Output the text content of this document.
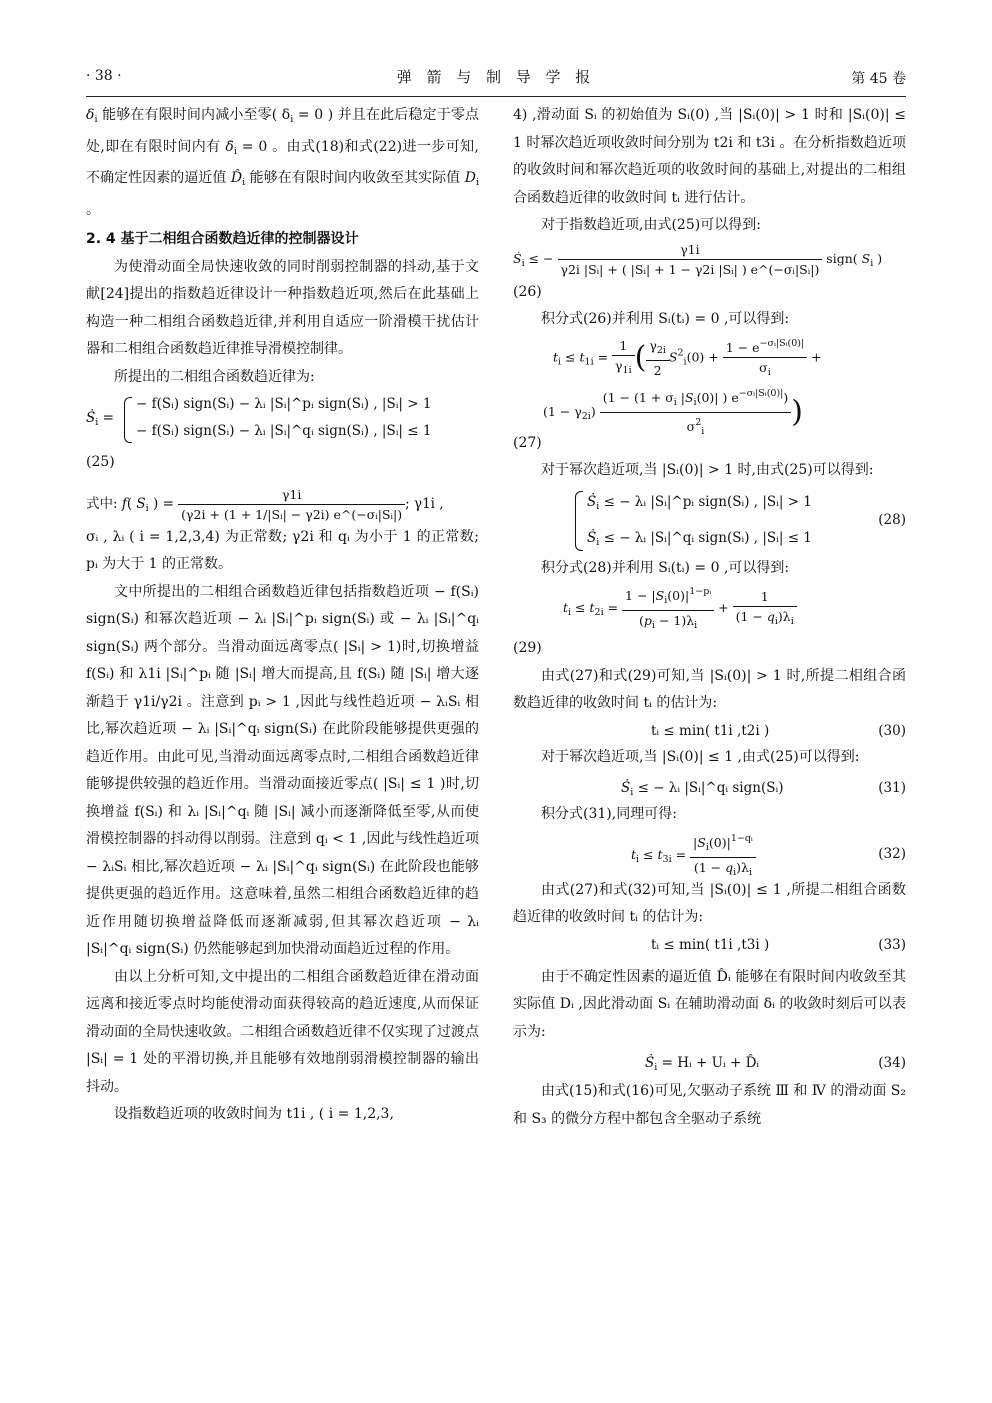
· 38 ·	弹 箭 与 制 导 学 报	第 45 卷

$\delta_i$ 能够在有限时间内减小至零( $\delta_i = 0$ ) 并且在此后稳定于零点处,即在有限时间内有 $\deltȧ_i = 0$ 。由式(18)和式(22)进一步可知,不确定性因素的逼近值 $D̂_i$ 能够在有限时间内收敛至其实际值 $D_i$ 。

2. 4 基于二相组合函数趋近律的控制器设计

为使滑动面全局快速收敛的同时削弱控制器的抖动,基于文献[24]提出的指数趋近律设计一种指数趋近项,然后在此基础上构造一种二相组合函数趋近律,并利用自适应一阶滑模干扰估计器和二相组合函数趋近律推导滑模控制律。

所提出的二相组合函数趋近律为:

Ṡ$_i$ =
− f(Sᵢ) sign(Sᵢ) − λᵢ |Sᵢ|^pᵢ sign(Sᵢ) , |Sᵢ| > 1
− f(Sᵢ) sign(Sᵢ) − λᵢ |Sᵢ|^qᵢ sign(Sᵢ) , |Sᵢ| ≤ 1

(25)

式中: f( $S_i$ ) = $\frac{\gamma 1i}{\text{(γ2i + (1 + 1/|Sᵢ| − γ2i) e\textasciicircum{}(−σᵢ|Sᵢ|)}}$ ; γ1i ,

σᵢ , λᵢ ( i = 1,2,3,4) 为正常数; γ2i 和 qᵢ 为小于 1 的正常数; pᵢ 为大于 1 的正常数。

文中所提出的二相组合函数趋近律包括指数趋近项 − f(Sᵢ) sign(Sᵢ) 和幂次趋近项 − λᵢ |Sᵢ|^pᵢ sign(Sᵢ) 或 − λᵢ |Sᵢ|^qᵢ sign(Sᵢ) 两个部分。当滑动面远离零点( |Sᵢ| > 1)时,切换增益 f(Sᵢ) 和 λ1i |Sᵢ|^pᵢ 随 |Sᵢ| 增大而提高,且 f(Sᵢ) 随 |Sᵢ| 增大逐渐趋于 γ1i/γ2i 。注意到 pᵢ > 1 ,因此与线性趋近项 − λᵢSᵢ 相比,幂次趋近项 − λᵢ |Sᵢ|^qᵢ sign(Sᵢ) 在此阶段能够提供更强的趋近作用。由此可见,当滑动面远离零点时,二相组合函数趋近律能够提供较强的趋近作用。当滑动面接近零点( |Sᵢ| ≤ 1 )时,切换增益 f(Sᵢ) 和 λᵢ |Sᵢ|^qᵢ 随 |Sᵢ| 减小而逐渐降低至零,从而使滑模控制器的抖动得以削弱。注意到 qᵢ < 1 ,因此与线性趋近项 − λᵢSᵢ 相比,幂次趋近项 − λᵢ |Sᵢ|^qᵢ sign(Sᵢ) 在此阶段也能够提供更强的趋近作用。这意味着,虽然二相组合函数趋近律的趋近作用随切换增益降低而逐渐减弱,但其幂次趋近项 − λᵢ |Sᵢ|^qᵢ sign(Sᵢ) 仍然能够起到加快滑动面趋近过程的作用。

由以上分析可知,文中提出的二相组合函数趋近律在滑动面远离和接近零点时均能使滑动面获得较高的趋近速度,从而保证滑动面的全局快速收敛。二相组合函数趋近律不仅实现了过渡点 |Sᵢ| = 1 处的平滑切换,并且能够有效地削弱滑模控制器的输出抖动。

设指数趋近项的收敛时间为 t1i , ( i = 1,2,3,

4) ,滑动面 Sᵢ 的初始值为 Sᵢ(0) ,当 |Sᵢ(0)| > 1 时和 |Sᵢ(0)| ≤ 1 时幂次趋近项收敛时间分别为 t2i 和 t3i 。在分析指数趋近项的收敛时间和幂次趋近项的收敛时间的基础上,对提出的二相组合函数趋近律的收敛时间 tᵢ 进行估计。

对于指数趋近项,由式(25)可以得到:

Ṡ$_i$ ≤ − $\frac{\gamma 1i}{\text{γ2i |Sᵢ| + ( |Sᵢ| + 1 − γ2i |Sᵢ| ) e\textasciicircum{}(−σᵢ|Sᵢ|)}}$ sign( $S_i$ )

(26)

积分式(26)并利用 Sᵢ(tᵢ) = 0 ,可以得到:

$t_i \le t_{1i} = \frac{1}{\gamma_{1i}}$ ( $\frac{\gamma_{2i}}{2} S^2_i(0) + \frac{1 - e^{-\sigma ᵢ|Sᵢ(0)|}}{\sigma_i}$ +
$(1 - \gamma_{2i}) \frac{(1 - (1 + \sigma_i |S_i(0)| ) e^{-\sigma ᵢ|Sᵢ(0)|})}{\sigma^2_i}$ )

(27)

对于幂次趋近项,当 |Sᵢ(0)| > 1 时,由式(25)可以得到:

Ṡ$_i$ ≤ − λᵢ |Sᵢ|^pᵢ sign(Sᵢ) , |Sᵢ| > 1
Ṡ$_i$ ≤ − λᵢ |Sᵢ|^qᵢ sign(Sᵢ) , |Sᵢ| ≤ 1
(28)

积分式(28)并利用 Sᵢ(tᵢ) = 0 ,可以得到:

$t_i \le t_{2i} = \frac{1 - |S_i(0)|^{1-pᵢ}}{(p_i - 1)\lambda_i} + \frac{1}{(1 - q_i)\lambda_i}$

(29)

由式(27)和式(29)可知,当 |Sᵢ(0)| > 1 时,所提二相组合函数趋近律的收敛时间 tᵢ 的估计为:

tᵢ ≤ min( t1i ,t2i )	(30)

对于幂次趋近项,当 |Sᵢ(0)| ≤ 1 ,由式(25)可以得到:

Ṡ$_i$ ≤ − λᵢ |Sᵢ|^qᵢ sign(Sᵢ)	(31)

积分式(31),同理可得:

$t_i \le t_{3i} = \frac{|S_i(0)|^{1-qᵢ}}{(1 - q_i)\lambda_i}$	(32)

由式(27)和式(32)可知,当 |Sᵢ(0)| ≤ 1 ,所提二相组合函数趋近律的收敛时间 tᵢ 的估计为:

tᵢ ≤ min( t1i ,t3i )	(33)

由于不确定性因素的逼近值 D̂ᵢ 能够在有限时间内收敛至其实际值 Dᵢ ,因此滑动面 Sᵢ 在辅助滑动面 δᵢ 的收敛时刻后可以表示为:

Ṡ$_i$ = Hᵢ + Uᵢ + D̂ᵢ	(34)

由式(15)和式(16)可见,欠驱动子系统 Ⅲ 和 Ⅳ 的滑动面 S₂ 和 S₃ 的微分方程中都包含全驱动子系统
